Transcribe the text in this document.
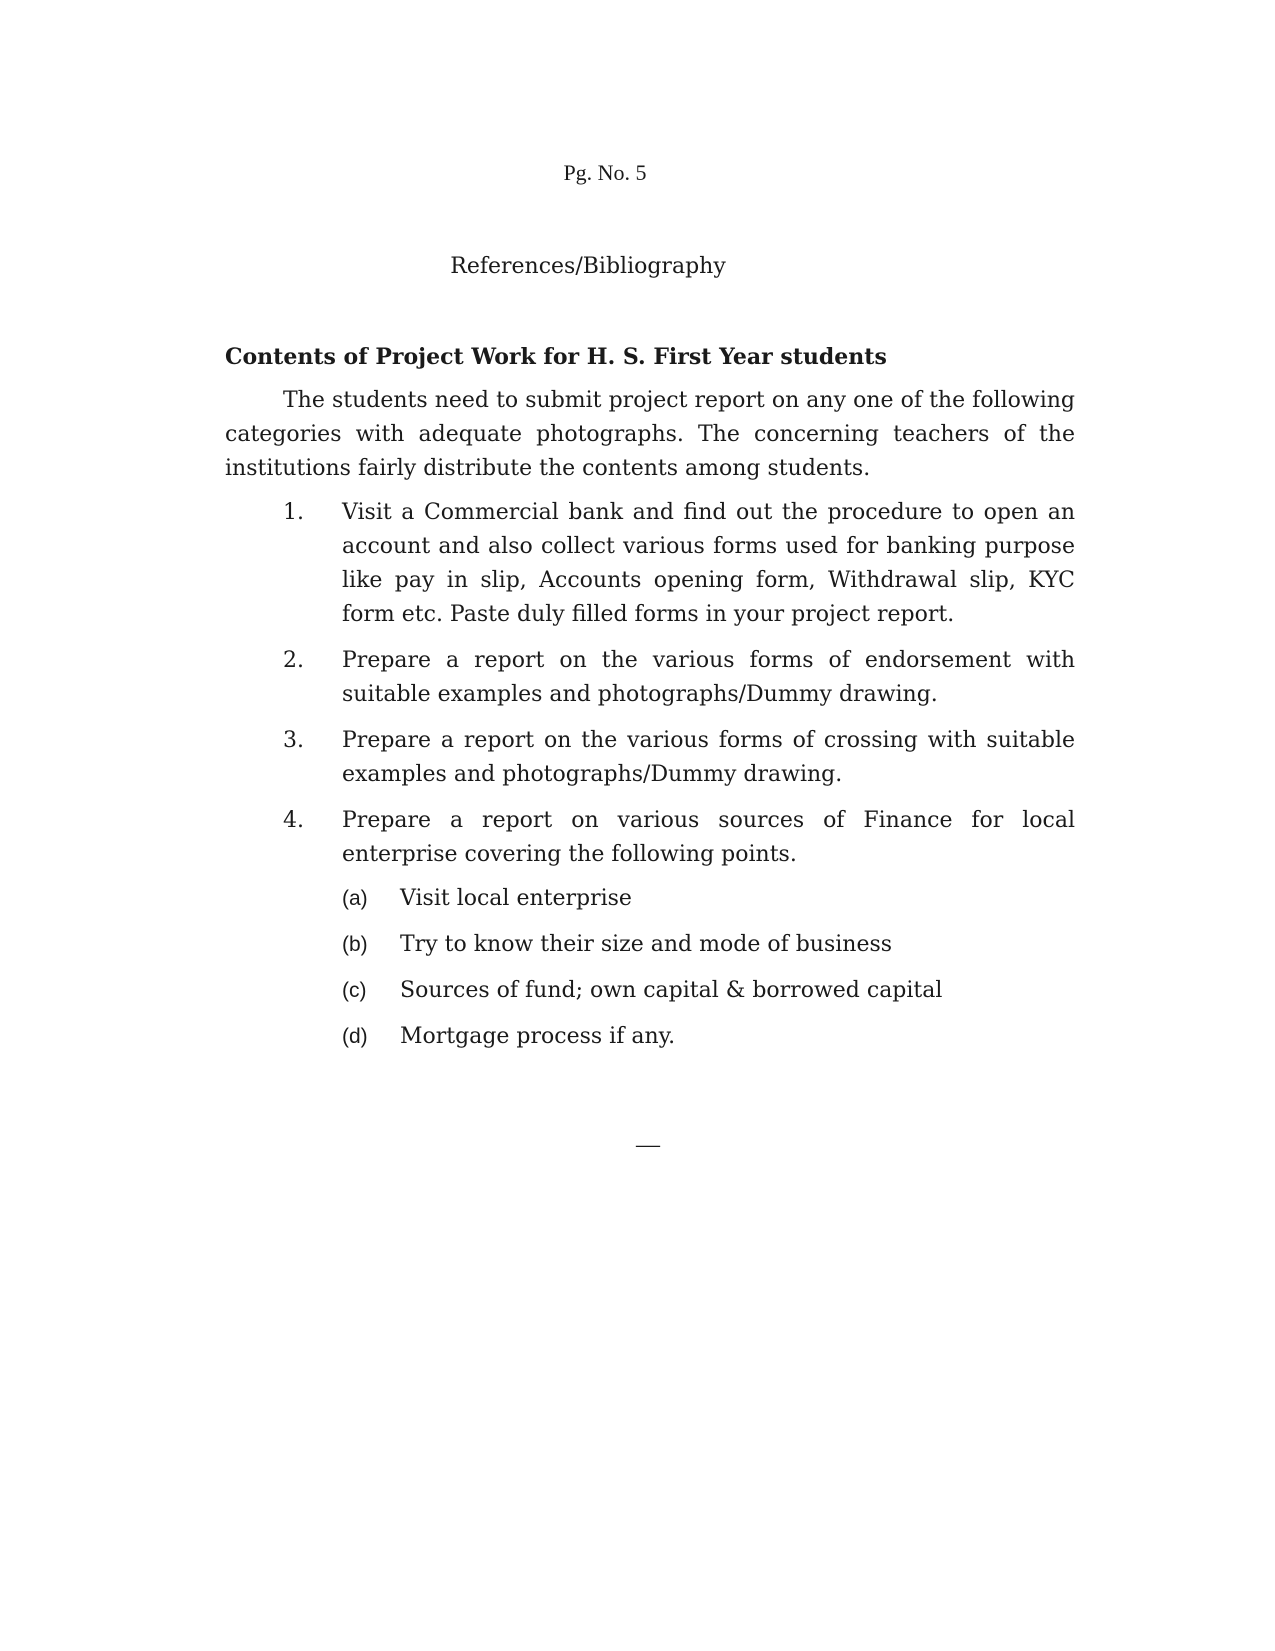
Pg. No. 5
References/Bibliography
Contents of Project Work for H. S. First Year students

The students need to submit project report on any one of the following categories with adequate photographs. The concerning teachers of the institutions fairly distribute the contents among students.

1.	Visit a Commercial bank and find out the procedure to open an account and also collect various forms used for banking purpose like pay in slip, Accounts opening form, Withdrawal slip, KYC form etc. Paste duly filled forms in your project report.
2.	Prepare a report on the various forms of endorsement with suitable examples and photographs/Dummy drawing.
3.	Prepare a report on the various forms of crossing with suitable examples and photographs/Dummy drawing.
4.	Prepare a report on various sources of Finance for local enterprise covering the following points.
(a)	Visit local enterprise
(b)	Try to know their size and mode of business
(c)	Sources of fund; own capital & borrowed capital
(d)	Mortgage process if any.
—
